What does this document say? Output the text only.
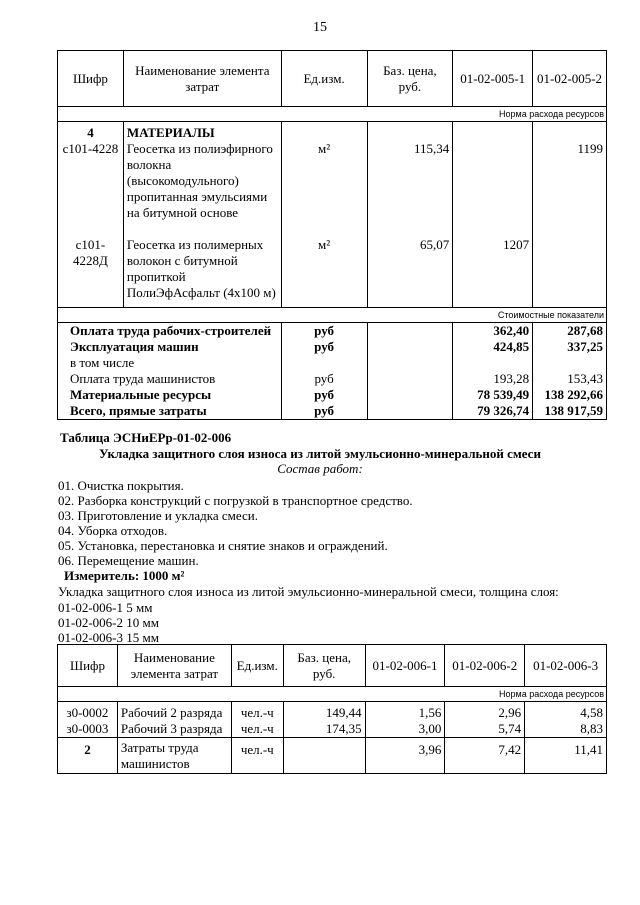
15
Шифр	Наименование элемента затрат	Ед.изм.	Баз. цена, руб.	01-02-005-1	01-02-005-2
Норма расхода ресурсов					
4	МАТЕРИАЛЫ				
с101-4228	Геосетка из полиэфирного волокна (высокомодульного) пропитанная эмульсиями на битумной основе	м²	115,34		1199
с101-4228Д	Геосетка из полимерных волокон с битумной пропиткой ПолиЭфАсфальт (4х100 м)	м²	65,07	1207	
Стоимостные показатели					
Оплата труда рабочих-строителей		руб		362,40	287,68
Эксплуатация машин		руб		424,85	337,25
в том числе					
Оплата труда машинистов		руб		193,28	153,43
Материальные ресурсы		руб		78 539,49	138 292,66
Всего, прямые затраты		руб		79 326,74	138 917,59
Таблица ЭСНиЕРр-01-02-006
Укладка защитного слоя износа из литой эмульсионно-минеральной смеси
Состав работ:
01. Очистка покрытия.
02. Разборка конструкций с погрузкой в транспортное средство.
03. Приготовление и укладка смеси.
04. Уборка отходов.
05. Установка, перестановка и снятие знаков и ограждений.
06. Перемещение машин.
Измеритель: 1000 м²
Укладка защитного слоя износа из литой эмульсионно-минеральной смеси, толщина слоя:
01-02-006-1 5 мм
01-02-006-2 10 мм
01-02-006-3 15 мм
Шифр	Наименование элемента затрат	Ед.изм.	Баз. цена, руб.	01-02-006-1	01-02-006-2	01-02-006-3
Норма расхода ресурсов						
з0-0002	Рабочий 2 разряда	чел.-ч	149,44	1,56	2,96	4,58
з0-0003	Рабочий 3 разряда	чел.-ч	174,35	3,00	5,74	8,83
2	Затраты труда машинистов	чел.-ч		3,96	7,42	11,41
